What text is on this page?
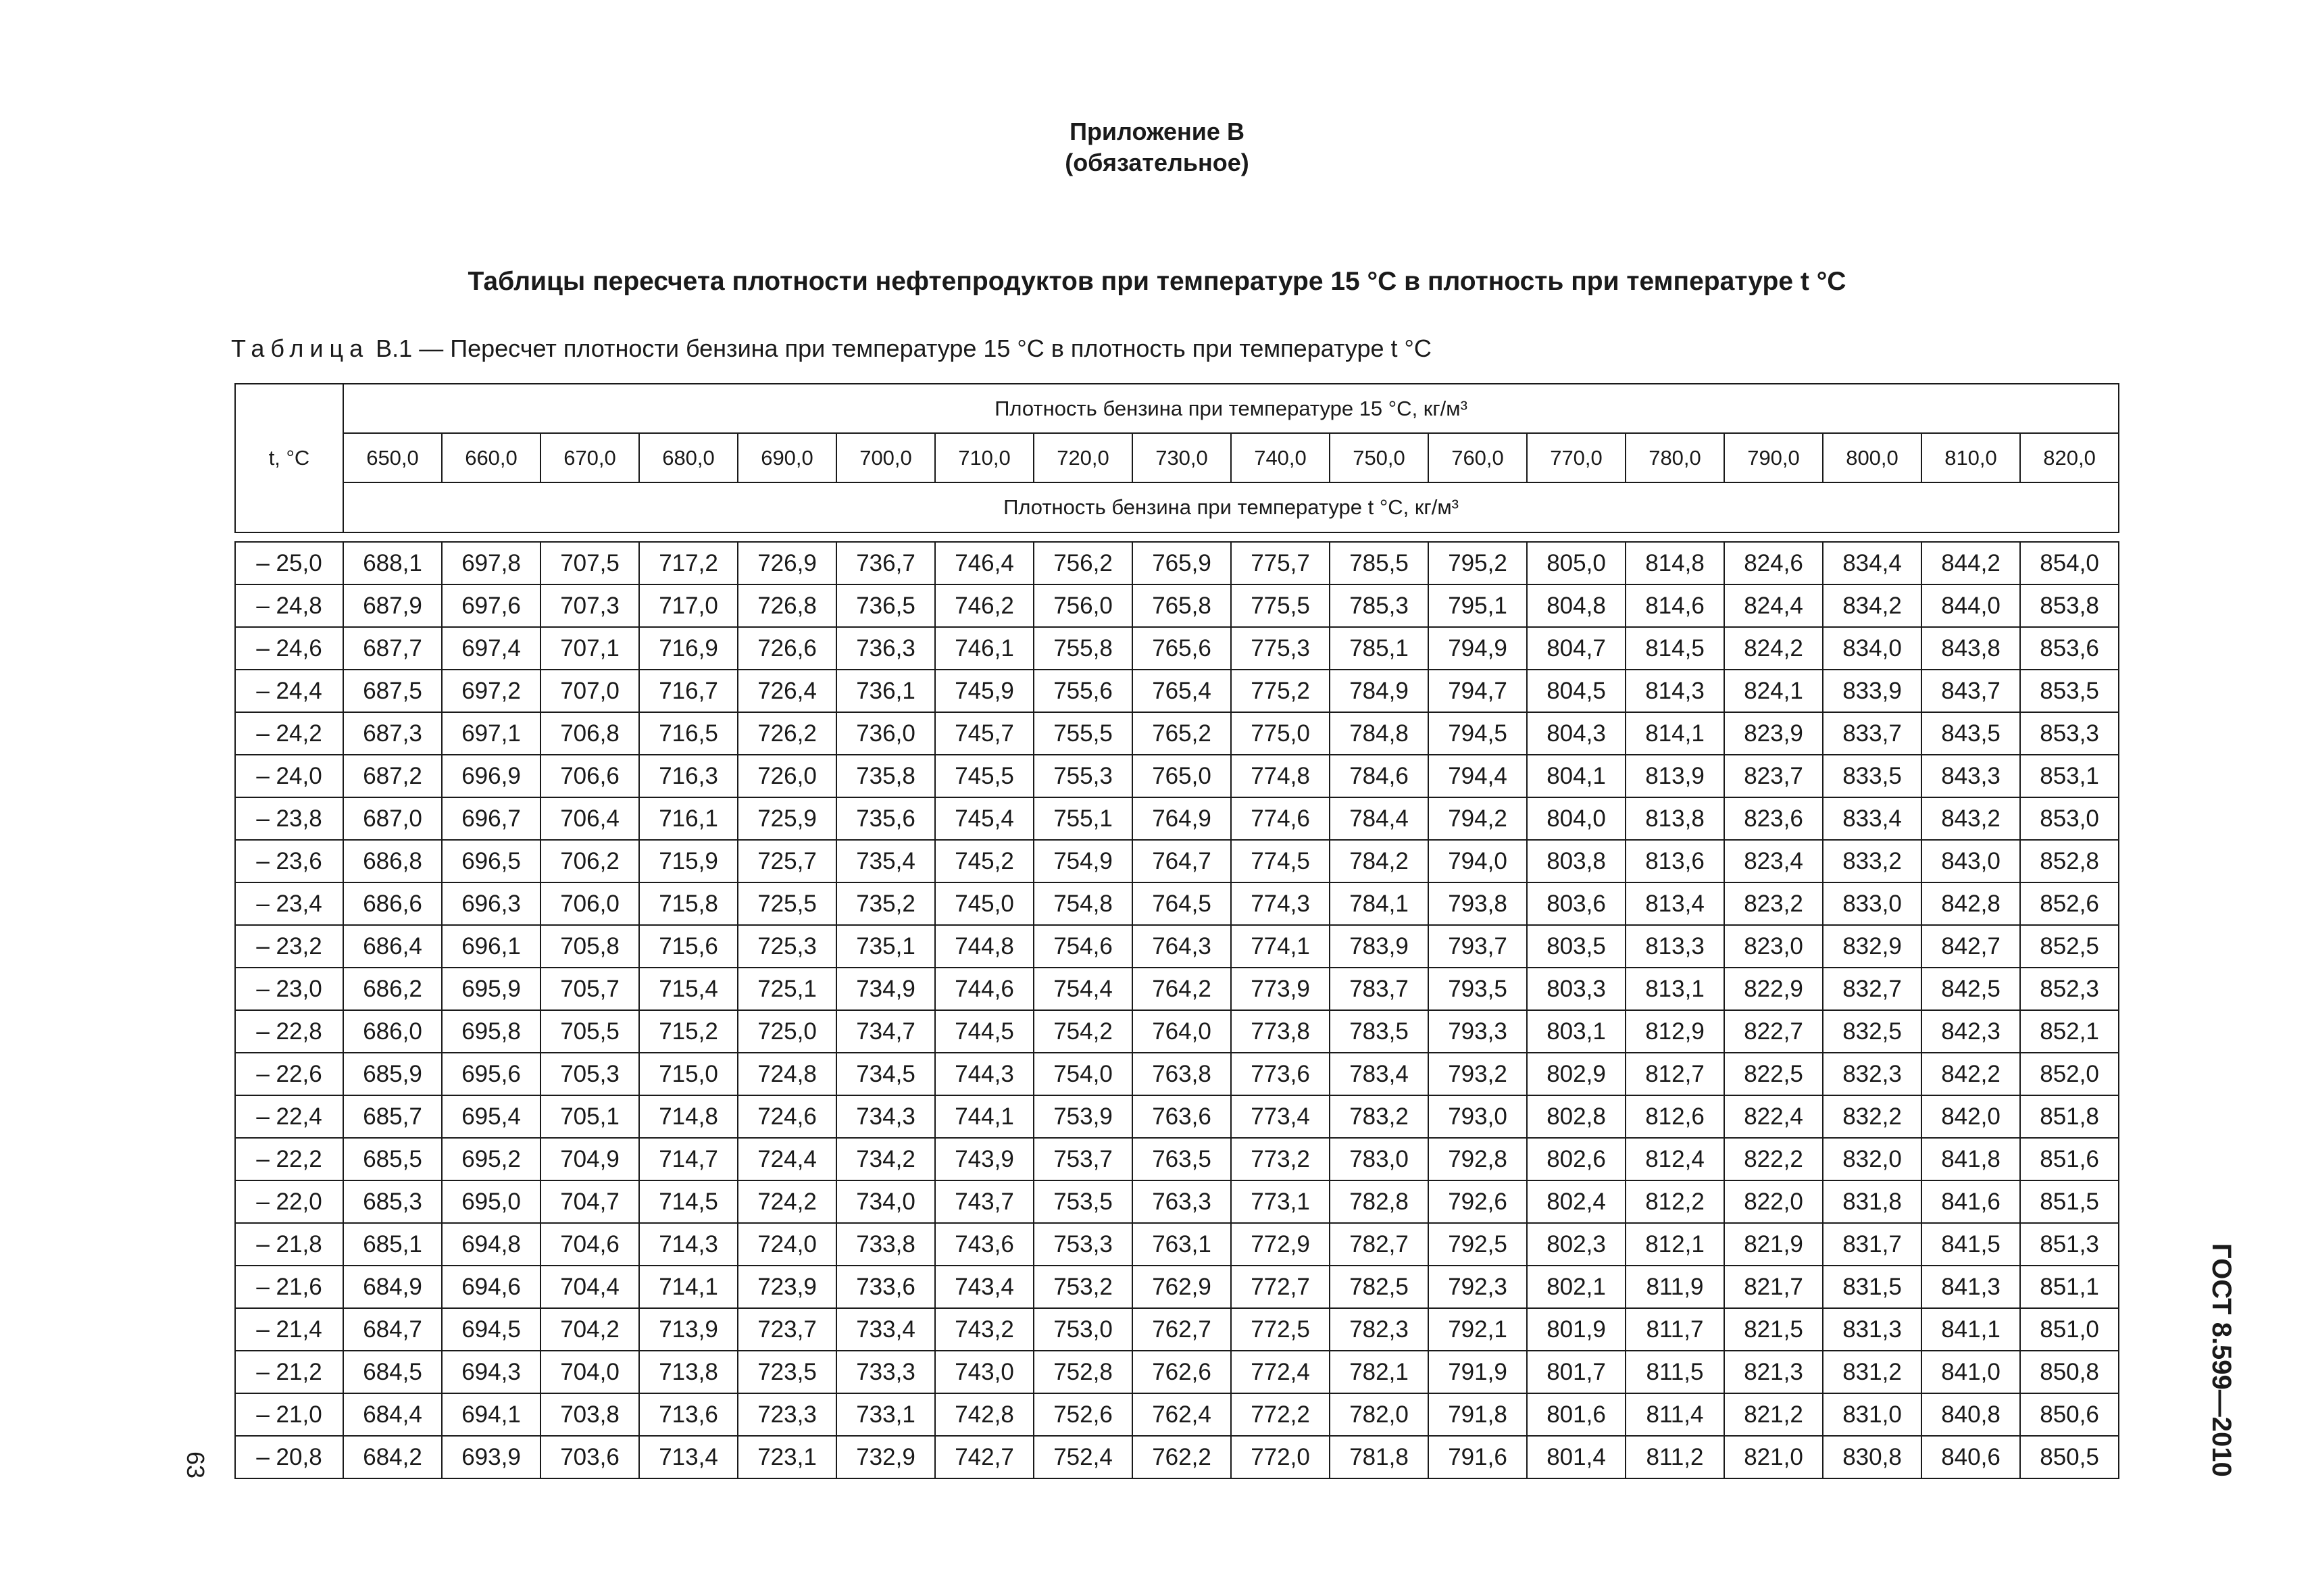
Приложение В
(обязательное)
Таблицы пересчета плотности нефтепродуктов при температуре 15 °С в плотность при температуре t °С
Таблица В.1 — Пересчет плотности бензина при температуре 15 °С в плотность при температуре t °С
t, °С	Плотность бензина при температуре 15 °С, кг/м³																	
	650,0	660,0	670,0	680,0	690,0	700,0	710,0	720,0	730,0	740,0	750,0	760,0	770,0	780,0	790,0	800,0	810,0	820,0
	Плотность бензина при температуре t °С, кг/м³																	

– 25,0	688,1	697,8	707,5	717,2	726,9	736,7	746,4	756,2	765,9	775,7	785,5	795,2	805,0	814,8	824,6	834,4	844,2	854,0
– 24,8	687,9	697,6	707,3	717,0	726,8	736,5	746,2	756,0	765,8	775,5	785,3	795,1	804,8	814,6	824,4	834,2	844,0	853,8
– 24,6	687,7	697,4	707,1	716,9	726,6	736,3	746,1	755,8	765,6	775,3	785,1	794,9	804,7	814,5	824,2	834,0	843,8	853,6
– 24,4	687,5	697,2	707,0	716,7	726,4	736,1	745,9	755,6	765,4	775,2	784,9	794,7	804,5	814,3	824,1	833,9	843,7	853,5
– 24,2	687,3	697,1	706,8	716,5	726,2	736,0	745,7	755,5	765,2	775,0	784,8	794,5	804,3	814,1	823,9	833,7	843,5	853,3
– 24,0	687,2	696,9	706,6	716,3	726,0	735,8	745,5	755,3	765,0	774,8	784,6	794,4	804,1	813,9	823,7	833,5	843,3	853,1
– 23,8	687,0	696,7	706,4	716,1	725,9	735,6	745,4	755,1	764,9	774,6	784,4	794,2	804,0	813,8	823,6	833,4	843,2	853,0
– 23,6	686,8	696,5	706,2	715,9	725,7	735,4	745,2	754,9	764,7	774,5	784,2	794,0	803,8	813,6	823,4	833,2	843,0	852,8
– 23,4	686,6	696,3	706,0	715,8	725,5	735,2	745,0	754,8	764,5	774,3	784,1	793,8	803,6	813,4	823,2	833,0	842,8	852,6
– 23,2	686,4	696,1	705,8	715,6	725,3	735,1	744,8	754,6	764,3	774,1	783,9	793,7	803,5	813,3	823,0	832,9	842,7	852,5
– 23,0	686,2	695,9	705,7	715,4	725,1	734,9	744,6	754,4	764,2	773,9	783,7	793,5	803,3	813,1	822,9	832,7	842,5	852,3
– 22,8	686,0	695,8	705,5	715,2	725,0	734,7	744,5	754,2	764,0	773,8	783,5	793,3	803,1	812,9	822,7	832,5	842,3	852,1
– 22,6	685,9	695,6	705,3	715,0	724,8	734,5	744,3	754,0	763,8	773,6	783,4	793,2	802,9	812,7	822,5	832,3	842,2	852,0
– 22,4	685,7	695,4	705,1	714,8	724,6	734,3	744,1	753,9	763,6	773,4	783,2	793,0	802,8	812,6	822,4	832,2	842,0	851,8
– 22,2	685,5	695,2	704,9	714,7	724,4	734,2	743,9	753,7	763,5	773,2	783,0	792,8	802,6	812,4	822,2	832,0	841,8	851,6
– 22,0	685,3	695,0	704,7	714,5	724,2	734,0	743,7	753,5	763,3	773,1	782,8	792,6	802,4	812,2	822,0	831,8	841,6	851,5
– 21,8	685,1	694,8	704,6	714,3	724,0	733,8	743,6	753,3	763,1	772,9	782,7	792,5	802,3	812,1	821,9	831,7	841,5	851,3
– 21,6	684,9	694,6	704,4	714,1	723,9	733,6	743,4	753,2	762,9	772,7	782,5	792,3	802,1	811,9	821,7	831,5	841,3	851,1
– 21,4	684,7	694,5	704,2	713,9	723,7	733,4	743,2	753,0	762,7	772,5	782,3	792,1	801,9	811,7	821,5	831,3	841,1	851,0
– 21,2	684,5	694,3	704,0	713,8	723,5	733,3	743,0	752,8	762,6	772,4	782,1	791,9	801,7	811,5	821,3	831,2	841,0	850,8
– 21,0	684,4	694,1	703,8	713,6	723,3	733,1	742,8	752,6	762,4	772,2	782,0	791,8	801,6	811,4	821,2	831,0	840,8	850,6
– 20,8	684,2	693,9	703,6	713,4	723,1	732,9	742,7	752,4	762,2	772,0	781,8	791,6	801,4	811,2	821,0	830,8	840,6	850,5	ГОСТ 8.599—2010
63
